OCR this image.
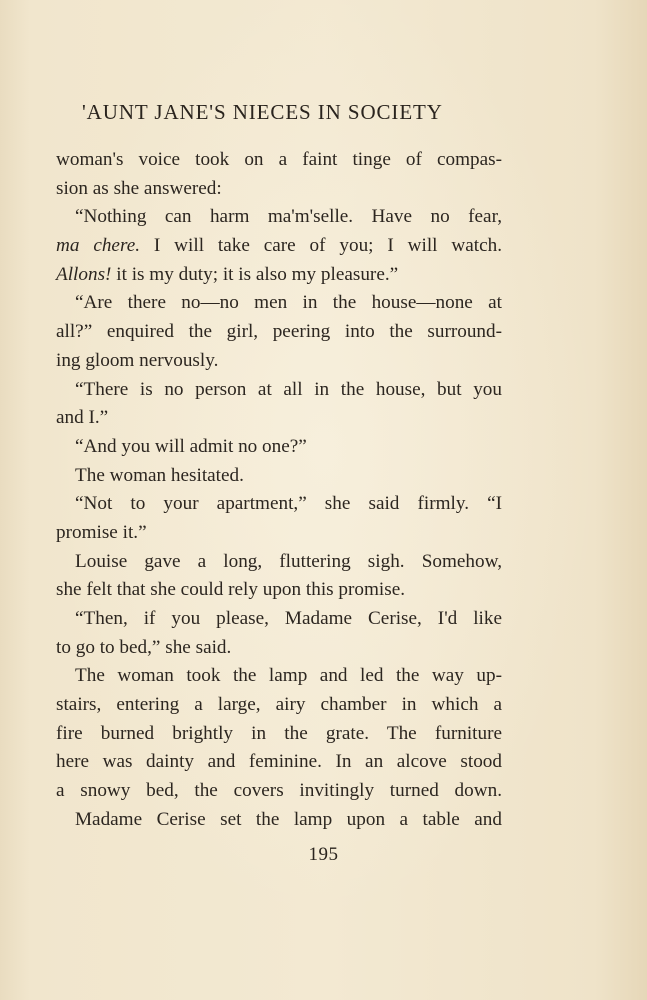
'AUNT JANE'S NIECES IN SOCIETY
woman's voice took on a faint tinge of compas-
sion as she answered:
“Nothing can harm ma'm'selle. Have no fear,
ma chere. I will take care of you; I will watch.
Allons! it is my duty; it is also my pleasure.”
“Are there no—no men in the house—none at
all?” enquired the girl, peering into the surround-
ing gloom nervously.
“There is no person at all in the house, but you
and I.”
“And you will admit no one?”
The woman hesitated.
“Not to your apartment,” she said firmly. “I
promise it.”
Louise gave a long, fluttering sigh. Somehow,
she felt that she could rely upon this promise.
“Then, if you please, Madame Cerise, I'd like
to go to bed,” she said.
The woman took the lamp and led the way up-
stairs, entering a large, airy chamber in which a
fire burned brightly in the grate. The furniture
here was dainty and feminine. In an alcove stood
a snowy bed, the covers invitingly turned down.
Madame Cerise set the lamp upon a table and
195
